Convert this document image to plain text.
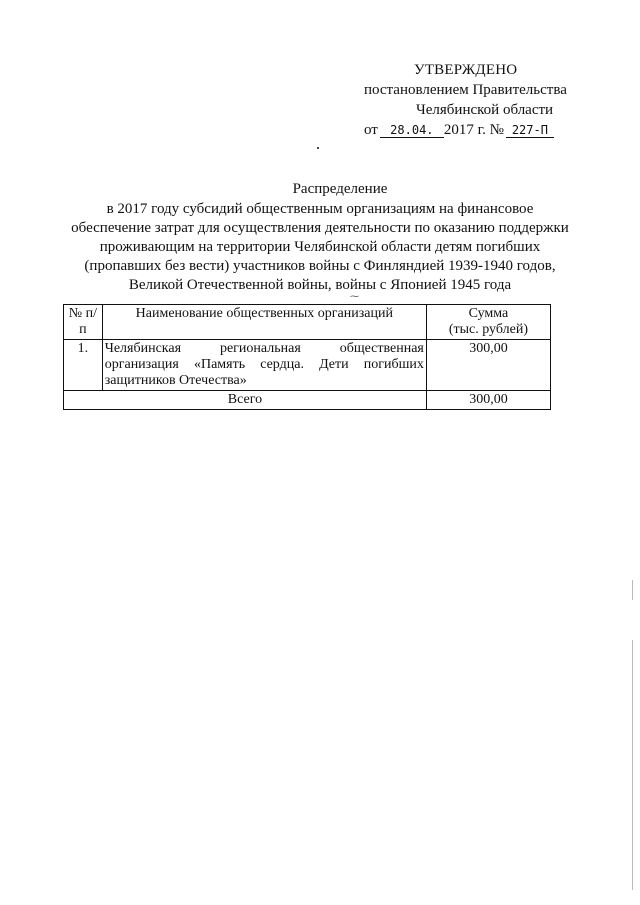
УТВЕРЖДЕНО
постановлением Правительства
Челябинской области
от 28.04. 2017 г. № 227-П
Распределение
в 2017 году субсидий общественным организациям на финансовое
обеспечение затрат для осуществления деятельности по оказанию поддержки
проживающим на территории Челябинской области детям погибших
(пропавших без вести) участников войны с Финляндией 1939-1940 годов,
Великой Отечественной войны, войны с Японией 1945 года
⁓
№ п/п	Наименование общественных организаций	Сумма
(тыс. рублей)

1.	Челябинская региональная общественная организация «Память сердца. Дети погибших защитников Отечества»	300,00
Всего		300,00
